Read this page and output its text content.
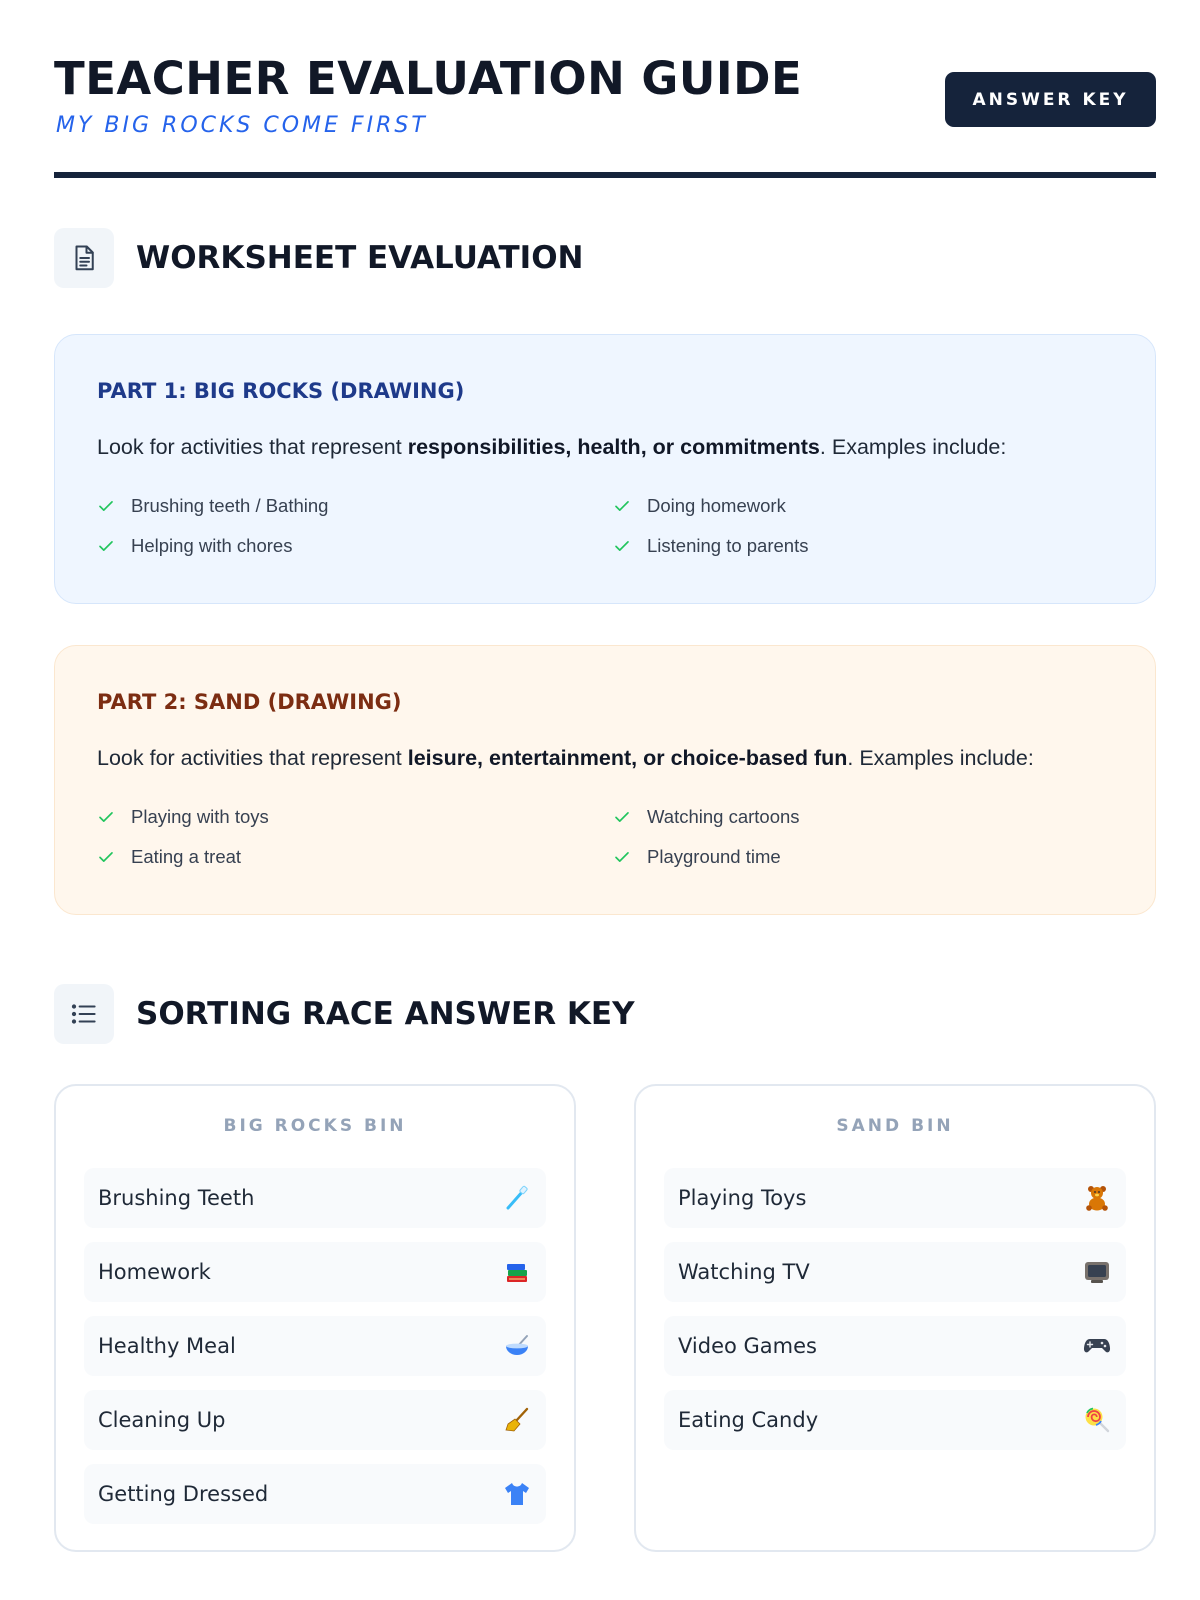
TEACHER EVALUATION GUIDE
MY BIG ROCKS COME FIRST
ANSWER KEY
WORKSHEET EVALUATION
PART 1: BIG ROCKS (DRAWING)
Look for activities that represent responsibilities, health, or commitments. Examples include:
Brushing teeth / Bathing	Doing homework
Helping with chores	Listening to parents
PART 2: SAND (DRAWING)
Look for activities that represent leisure, entertainment, or choice-based fun. Examples include:
Playing with toys	Watching cartoons
Eating a treat	Playground time
SORTING RACE ANSWER KEY
BIG ROCKS BIN
Brushing Teeth
Homework
Healthy Meal
Cleaning Up
Getting Dressed
SAND BIN
Playing Toys
Watching TV
Video Games
Eating Candy
